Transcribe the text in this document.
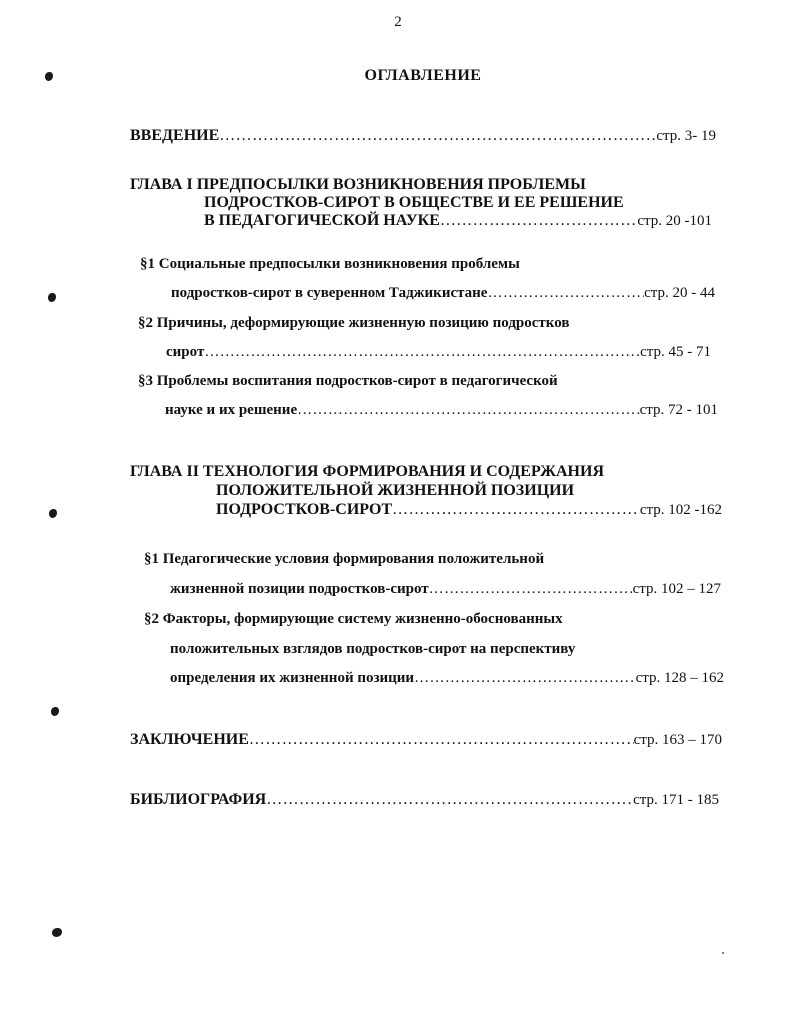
2
ОГЛАВЛЕНИЕ
ВВЕДЕНИЕ …………………………………………………………………………………………………………………………………………………………………………………………	стр. 3- 19
ГЛАВА I ПРЕДПОСЫЛКИ ВОЗНИКНОВЕНИЯ ПРОБЛЕМЫ
ПОДРОСТКОВ-СИРОТ В ОБЩЕСТВЕ И ЕЕ РЕШЕНИЕ
В ПЕДАГОГИЧЕСКОЙ НАУКЕ …………………………………………………………………………………………………………………………………………………………………………………………	стр. 20 -101
§1 Социальные предпосылки возникновения проблемы
подростков-сирот в суверенном Таджикистане …………………………………………………………………………………………………………………………………………………………………………………………	стр. 20 - 44
§2 Причины, деформирующие жизненную позицию подростков
сирот …………………………………………………………………………………………………………………………………………………………………………………………	стр. 45 - 71
§3 Проблемы воспитания подростков-сирот в педагогической
науке и их решение …………………………………………………………………………………………………………………………………………………………………………………………	стр. 72 - 101
ГЛАВА II ТЕХНОЛОГИЯ ФОРМИРОВАНИЯ И СОДЕРЖАНИЯ
ПОЛОЖИТЕЛЬНОЙ ЖИЗНЕННОЙ ПОЗИЦИИ
ПОДРОСТКОВ-СИРОТ …………………………………………………………………………………………………………………………………………………………………………………………	стр. 102 -162
§1 Педагогические условия формирования положительной
жизненной позиции подростков-сирот …………………………………………………………………………………………………………………………………………………………………………………………	стр. 102 – 127
§2 Факторы, формирующие систему жизненно-обоснованных
положительных взглядов подростков-сирот на перспективу
определения их жизненной позиции …………………………………………………………………………………………………………………………………………………………………………………………	стр. 128 – 162
ЗАКЛЮЧЕНИЕ …………………………………………………………………………………………………………………………………………………………………………………………	стр. 163 – 170
БИБЛИОГРАФИЯ …………………………………………………………………………………………………………………………………………………………………………………………	стр. 171 - 185
